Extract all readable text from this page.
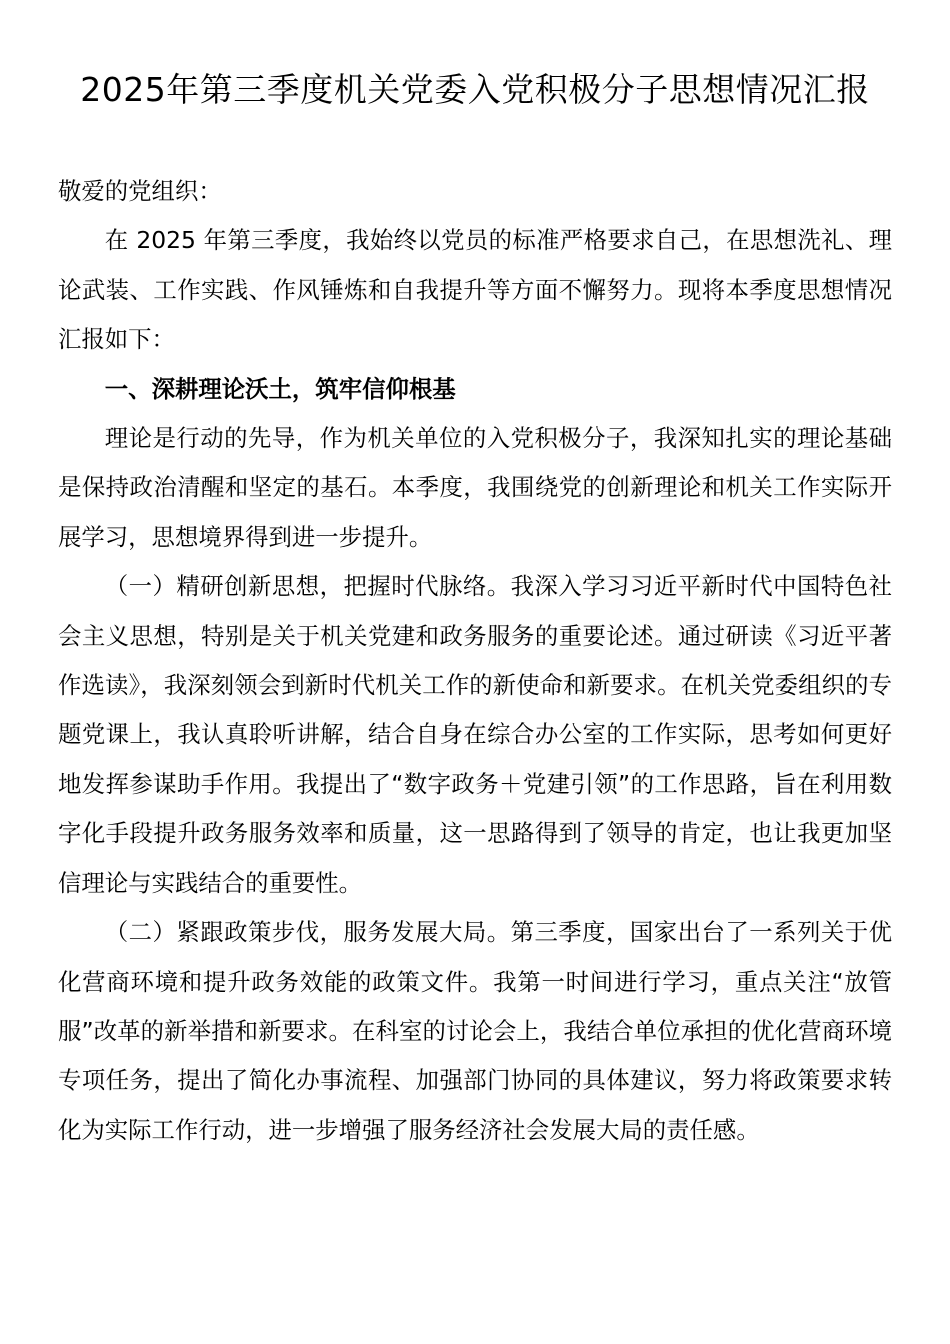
2025年第三季度机关党委入党积极分子思想情况汇报

敬爱的党组织：

在 2025 年第三季度，我始终以党员的标准严格要求自己，在思想洗礼、理论武装、工作实践、作风锤炼和自我提升等方面不懈努力。现将本季度思想情况汇报如下：

一、深耕理论沃土，筑牢信仰根基

理论是行动的先导，作为机关单位的入党积极分子，我深知扎实的理论基础是保持政治清醒和坚定的基石。本季度，我围绕党的创新理论和机关工作实际开展学习，思想境界得到进一步提升。

（一）精研创新思想，把握时代脉络。我深入学习习近平新时代中国特色社会主义思想，特别是关于机关党建和政务服务的重要论述。通过研读《习近平著作选读》，我深刻领会到新时代机关工作的新使命和新要求。在机关党委组织的专题党课上，我认真聆听讲解，结合自身在综合办公室的工作实际，思考如何更好地发挥参谋助手作用。我提出了“数字政务＋党建引领”的工作思路，旨在利用数字化手段提升政务服务效率和质量，这一思路得到了领导的肯定，也让我更加坚信理论与实践结合的重要性。

（二）紧跟政策步伐，服务发展大局。第三季度，国家出台了一系列关于优化营商环境和提升政务效能的政策文件。我第一时间进行学习，重点关注“放管服”改革的新举措和新要求。在科室的讨论会上，我结合单位承担的优化营商环境专项任务，提出了简化办事流程、加强部门协同的具体建议，努力将政策要求转化为实际工作行动，进一步增强了服务经济社会发展大局的责任感。
